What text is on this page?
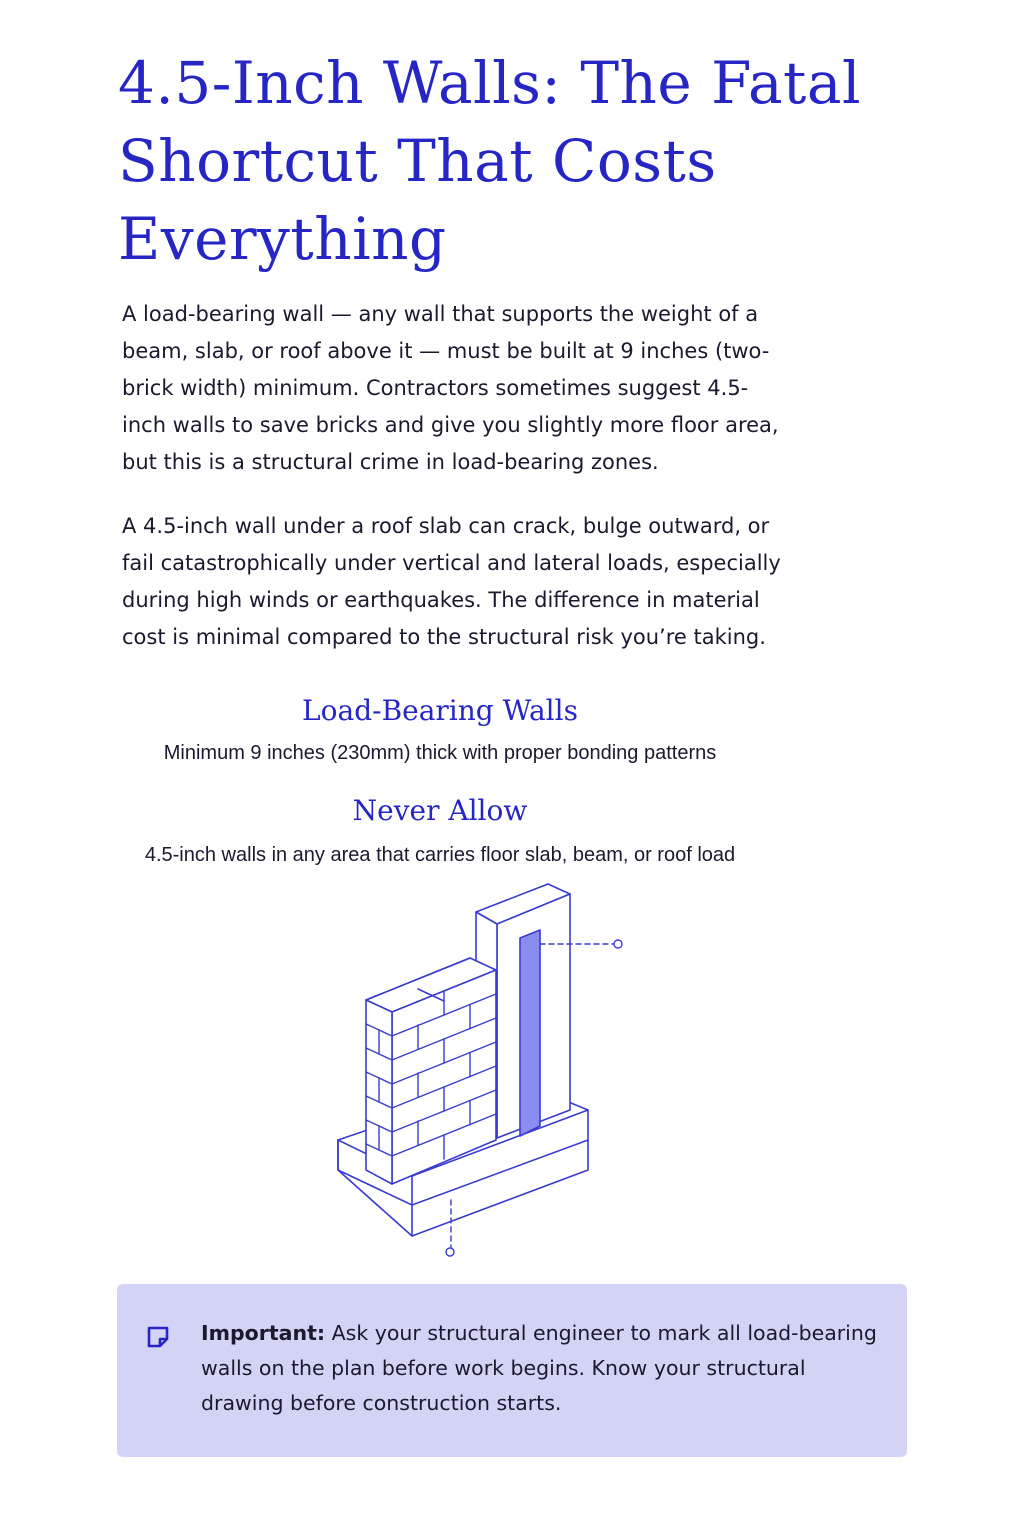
4.5-Inch Walls: The Fatal Shortcut That Costs Everything

A load-bearing wall — any wall that supports the weight of a beam, slab, or roof above it — must be built at 9 inches (two-brick width) minimum. Contractors sometimes suggest 4.5-inch walls to save bricks and give you slightly more floor area, but this is a structural crime in load-bearing zones.

A 4.5-inch wall under a roof slab can crack, bulge outward, or fail catastrophically under vertical and lateral loads, especially during high winds or earthquakes. The difference in material cost is minimal compared to the structural risk you’re taking.

Load-Bearing Walls

Minimum 9 inches (230mm) thick with proper bonding patterns

Never Allow

4.5-inch walls in any area that carries floor slab, beam, or roof load

Important: Ask your structural engineer to mark all load-bearing walls on the plan before work begins. Know your structural drawing before construction starts.
